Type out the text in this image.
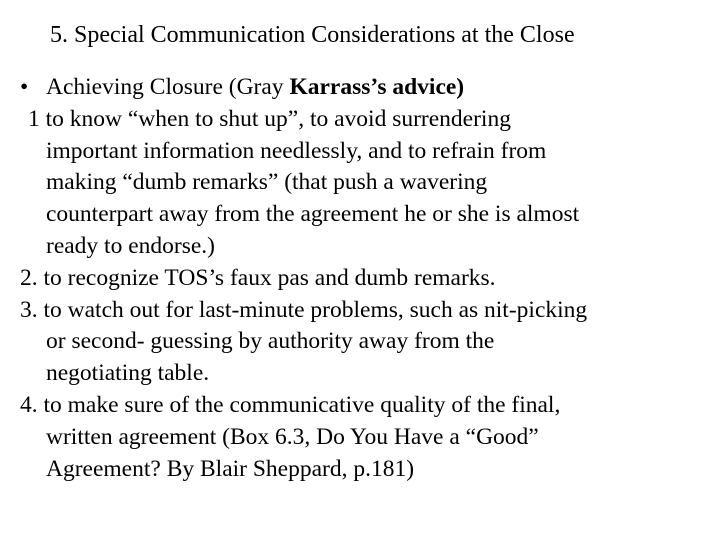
5. Special Communication Considerations at the Close
• Achieving Closure (Gray Karrass’s advice)
1 to know “when to shut up”, to avoid surrendering
important information needlessly, and to refrain from
making “dumb remarks” (that push a wavering
counterpart away from the agreement he or she is almost
ready to endorse.)
2. to recognize TOS’s faux pas and dumb remarks.
3. to watch out for last-minute problems, such as nit-picking
or second- guessing by authority away from the
negotiating table.
4. to make sure of the communicative quality of the final,
written agreement (Box 6.3, Do You Have a “Good”
Agreement? By Blair Sheppard, p.181)
